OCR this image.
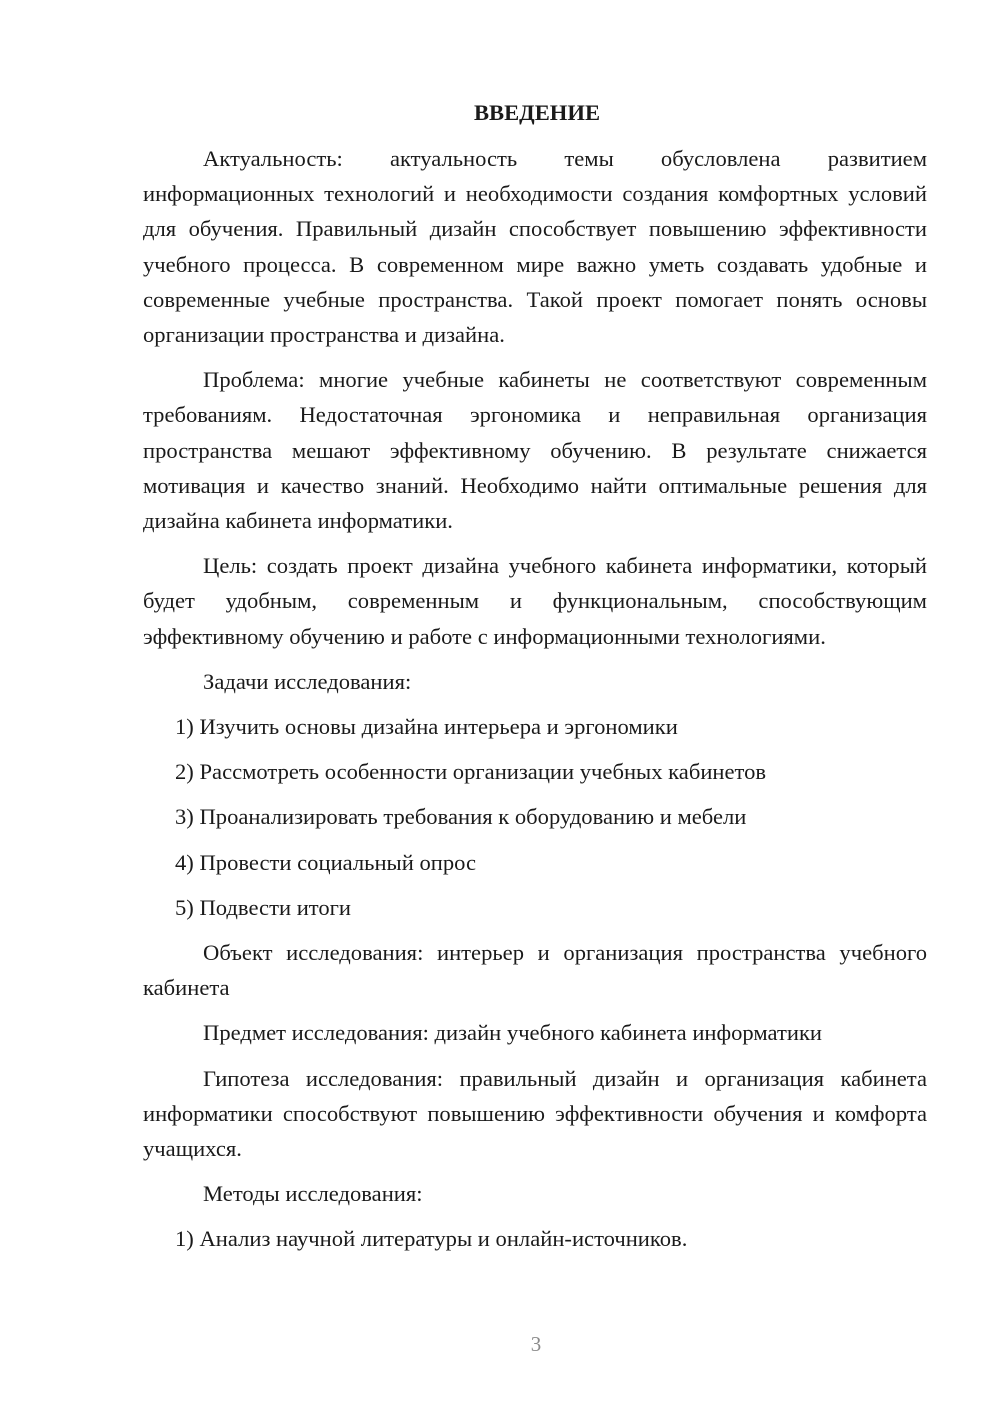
ВВЕДЕНИЕ

Актуальность: актуальность темы обусловлена развитием информационных технологий и необходимости создания комфортных условий для обучения. Правильный дизайн способствует повышению эффективности учебного процесса. В современном мире важно уметь создавать удобные и современные учебные пространства. Такой проект помогает понять основы организации пространства и дизайна.

Проблема: многие учебные кабинеты не соответствуют современным требованиям. Недостаточная эргономика и неправильная организация пространства мешают эффективному обучению. В результате снижается мотивация и качество знаний. Необходимо найти оптимальные решения для дизайна кабинета информатики.

Цель: создать проект дизайна учебного кабинета информатики, который будет удобным, современным и функциональным, способствующим эффективному обучению и работе с информационными технологиями.

Задачи исследования:

1) Изучить основы дизайна интерьера и эргономики

2) Рассмотреть особенности организации учебных кабинетов

3) Проанализировать требования к оборудованию и мебели

4) Провести социальный опрос

5) Подвести итоги

Объект исследования: интерьер и организация пространства учебного кабинета

Предмет исследования: дизайн учебного кабинета информатики

Гипотеза исследования: правильный дизайн и организация кабинета информатики способствуют повышению эффективности обучения и комфорта учащихся.

Методы исследования:

1) Анализ научной литературы и онлайн-источников.

3
